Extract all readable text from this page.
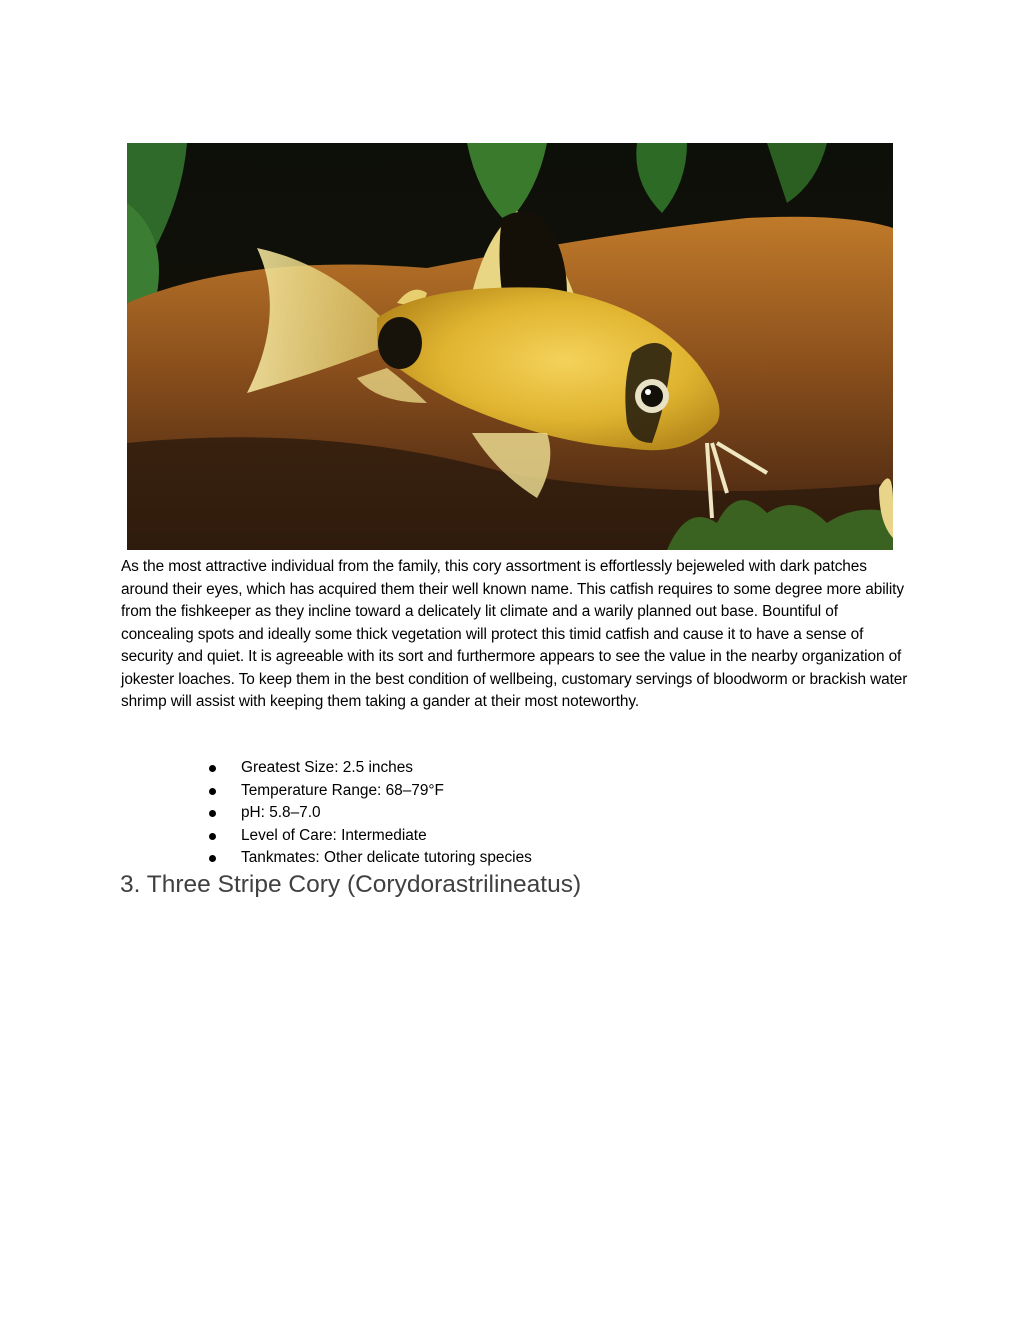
As the most attractive individual from the family, this cory assortment is effortlessly bejeweled with dark patches around their eyes, which has acquired them their well known name. This catfish requires to some degree more ability from the fishkeeper as they incline toward a delicately lit climate and a warily planned out base. Bountiful of concealing spots and ideally some thick vegetation will protect this timid catfish and cause it to have a sense of security and quiet. It is agreeable with its sort and furthermore appears to see the value in the nearby organization of jokester loaches. To keep them in the best condition of wellbeing, customary servings of bloodworm or brackish water shrimp will assist with keeping them taking a gander at their most noteworthy.

Greatest Size: 2.5 inches
Temperature Range: 68–79°F
pH: 5.8–7.0
Level of Care: Intermediate
Tankmates: Other delicate tutoring species
3. Three Stripe Cory (Corydorastrilineatus)
